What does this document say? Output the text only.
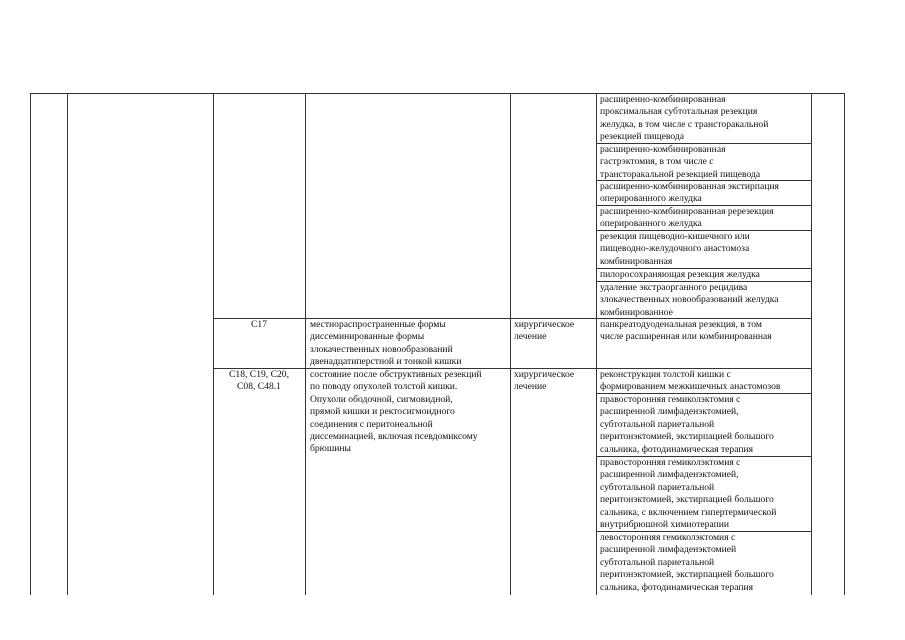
расширенно-комбинированная
проксимальная субтотальная резекция
желудка, в том числе с трансторакальной
резекцией пищевода
расширенно-комбинированная
гастрэктомия, в том числе с
трансторакальной резекцией пищевода
расширенно-комбинированная экстирпация
оперированного желудка
расширенно-комбинированная ререзекция
оперированного желудка
резекция пищеводно-кишечного или
пищеводно-желудочного анастомоза
комбинированная
пилоросохраняющая резекция желудка
удаление экстраорганного рецидива
злокачественных новообразований желудка
комбинированное
C17	местнораспространенные формы
диссеминированные формы
злокачественных новообразований
двенадцатиперстной и тонкой кишки
хирургическое
лечение
панкреатодуоденальная резекция, в том
числе расширенная или комбинированная
C18, C19, C20,
C08, C48.1
состояние после обструктивных резекций
по поводу опухолей толстой кишки.
Опухоли ободочной, сигмовидной,
прямой кишки и ректосигмоидного
соединения с перитонеальной
диссеминацией, включая псевдомиксому
брюшины
хирургическое
лечение
реконструкция толстой кишки с
формированием межкишечных анастомозов
правосторонняя гемиколэктомия с
расширенной лимфаденэктомией,
субтотальной париетальной
перитонэктомией, экстирпацией большого
сальника, фотодинамическая терапия
правосторонняя гемиколэктомия с
расширенной лимфаденэктомией,
субтотальной париетальной
перитонэктомией, экстирпацией большого
сальника, с включением гипертермической
внутрибрюшной химиотерапии
левосторонняя гемиколэктомия с
расширенной лимфаденэктомией
субтотальной париетальной
перитонэктомией, экстирпацией большого
сальника, фотодинамическая терапия
